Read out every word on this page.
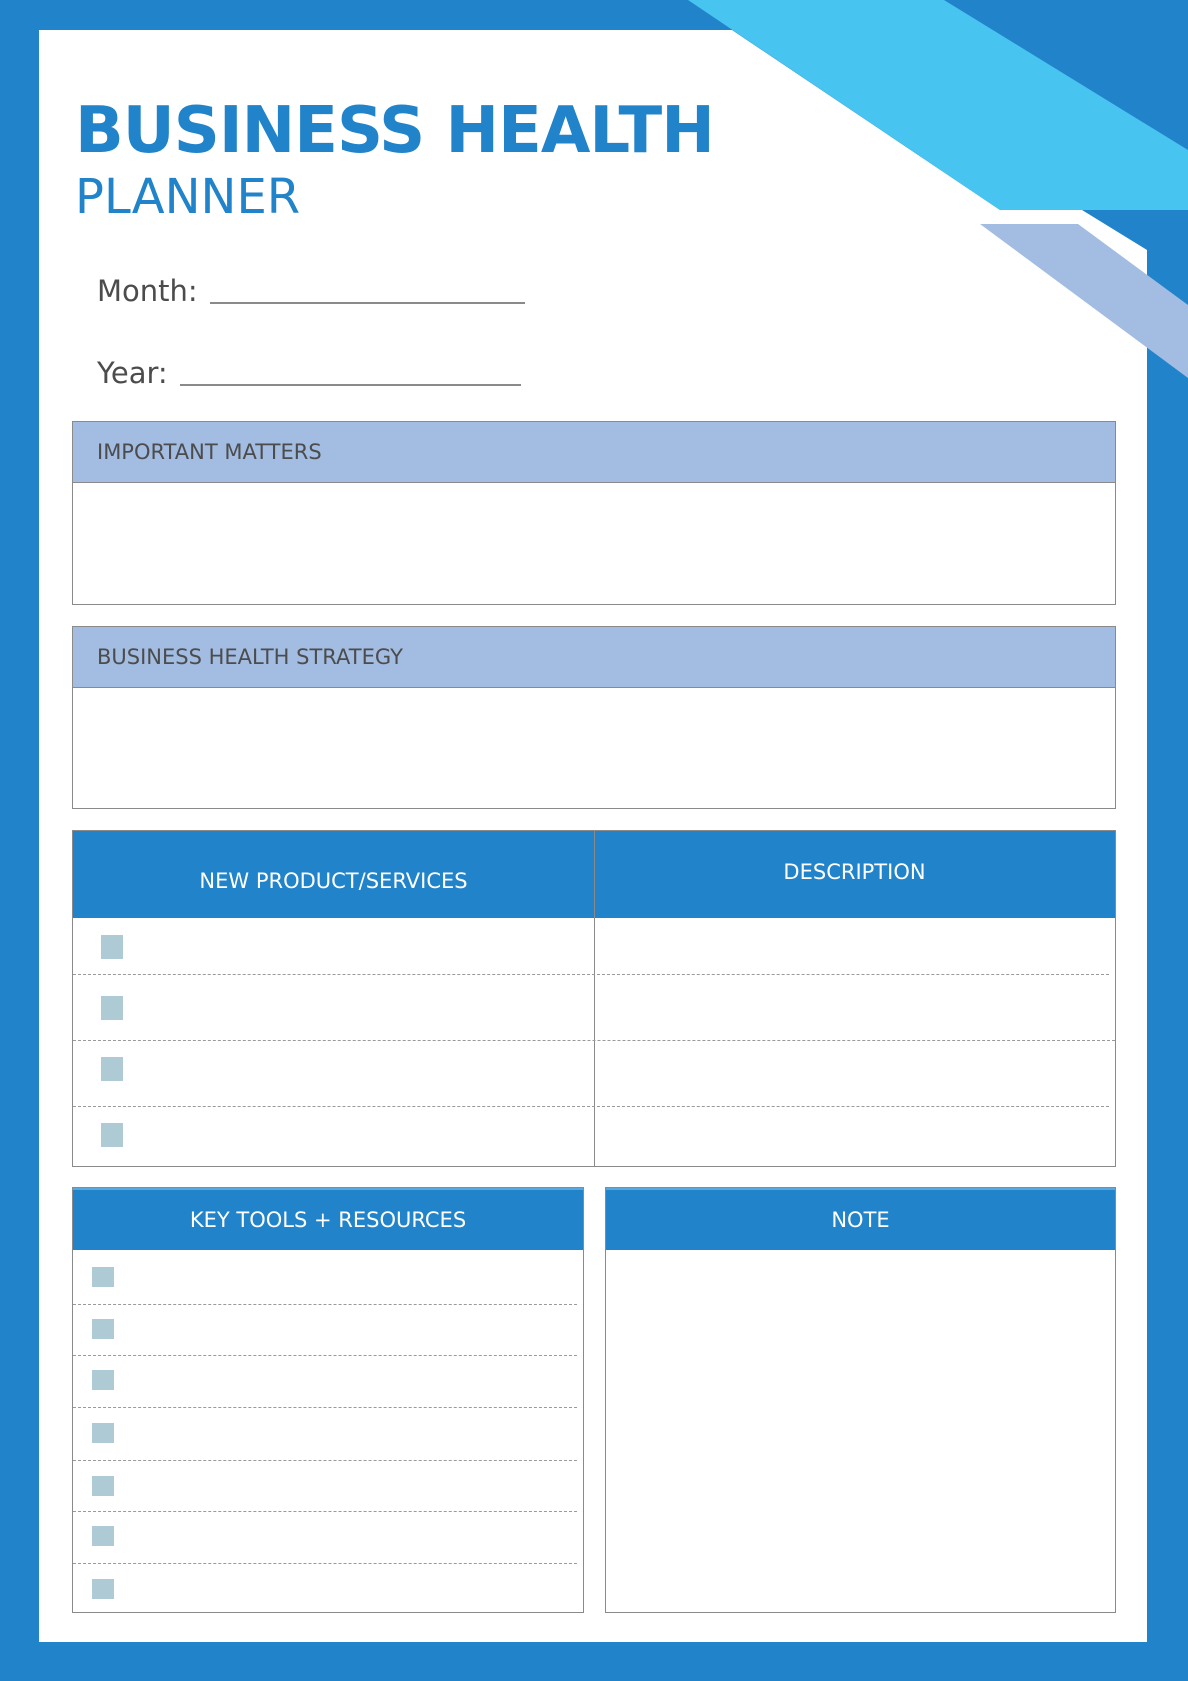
BUSINESS HEALTH
PLANNER
Month:
Year:
IMPORTANT MATTERS
BUSINESS HEALTH STRATEGY
NEW PRODUCT/SERVICES	DESCRIPTION
KEY TOOLS + RESOURCES	NOTE
